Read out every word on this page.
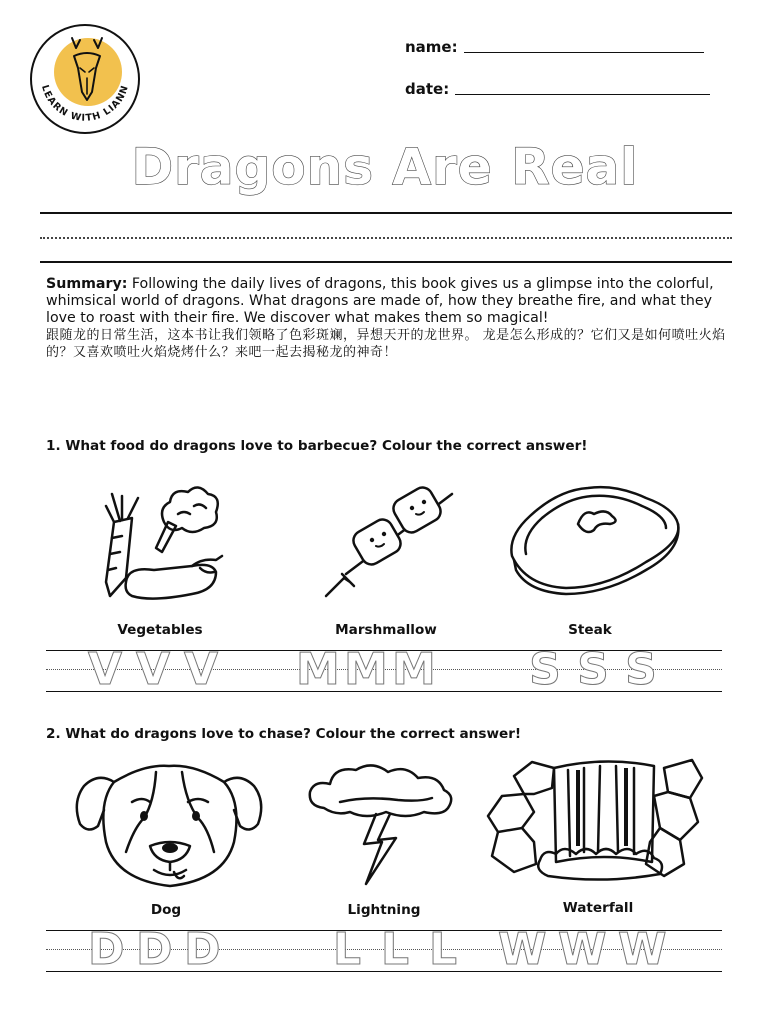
LEARN WITH LIANN
name:
date:
Dragons Are Real
Summary: Following the daily lives of dragons, this book gives us a glimpse into the colorful, whimsical world of dragons. What dragons are made of, how they breathe fire, and what they love to roast with their fire. We discover what makes them so magical!
跟随龙的日常生活，这本书让我们领略了色彩斑斓，异想天开的龙世界。 龙是怎么形成的？它们又是如何喷吐火焰的？又喜欢喷吐火焰烧烤什么？来吧一起去揭秘龙的神奇！
1. What food do dragons love to barbecue? Colour the correct answer!
Vegetables	Marshmallow	Steak
V V V M M M S S S
2. What do dragons love to chase? Colour the correct answer!
Dog	Lightning	Waterfall
D D D	L L L W W W
